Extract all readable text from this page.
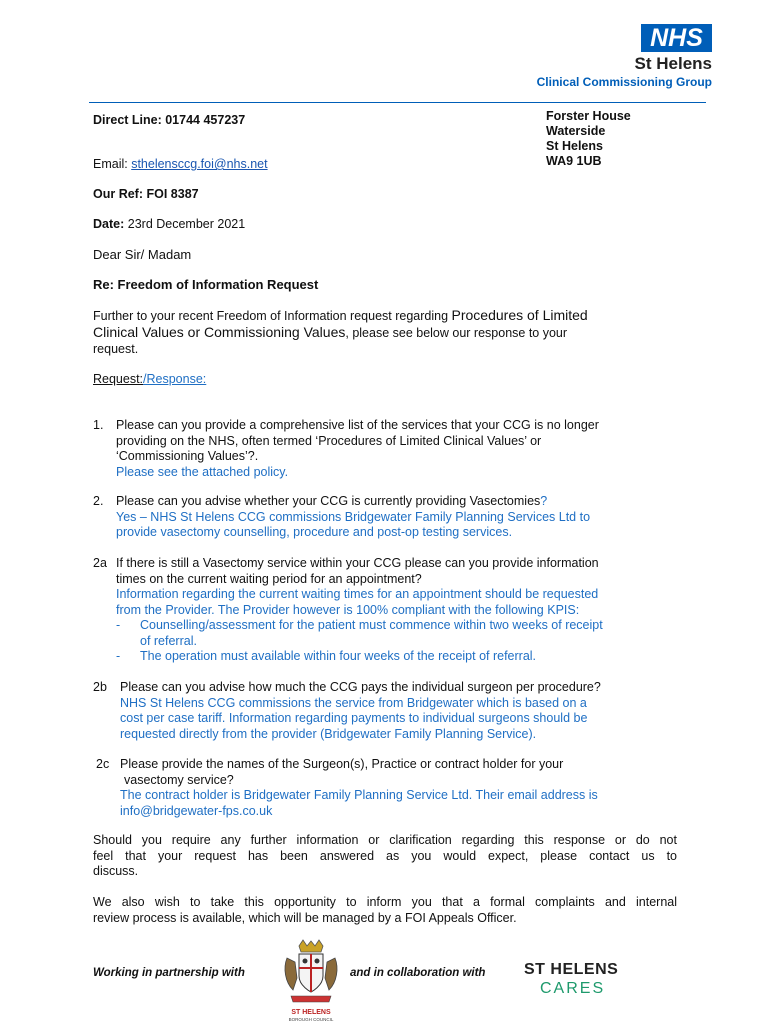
NHS
St Helens
Clinical Commissioning Group
Forster House
Waterside
St Helens
WA9 1UB
Direct Line: 01744 457237
Email: sthelensccg.foi@nhs.net
Our Ref: FOI 8387
Date: 23rd December 2021
Dear Sir/ Madam
Re: Freedom of Information Request
Further to your recent Freedom of Information request regarding Procedures of Limited
Clinical Values or Commissioning Values, please see below our response to your
request.
Request:/Response:
1. Please can you provide a comprehensive list of the services that your CCG is no longer
providing on the NHS, often termed ‘Procedures of Limited Clinical Values’ or
‘Commissioning Values’?.
Please see the attached policy.
2. Please can you advise whether your CCG is currently providing Vasectomies?
Yes – NHS St Helens CCG commissions Bridgewater Family Planning Services Ltd to
provide vasectomy counselling, procedure and post-op testing services.
2a If there is still a Vasectomy service within your CCG please can you provide information
times on the current waiting period for an appointment?
Information regarding the current waiting times for an appointment should be requested
from the Provider. The Provider however is 100% compliant with the following KPIS:
- Counselling/assessment for the patient must commence within two weeks of receipt
of referral.
- The operation must available within four weeks of the receipt of referral.
2b Please can you advise how much the CCG pays the individual surgeon per procedure?
NHS St Helens CCG commissions the service from Bridgewater which is based on a
cost per case tariff. Information regarding payments to individual surgeons should be
requested directly from the provider (Bridgewater Family Planning Service).
2c Please provide the names of the Surgeon(s), Practice or contract holder for your
vasectomy service?
The contract holder is Bridgewater Family Planning Service Ltd. Their email address is
info@bridgewater-fps.co.uk
Should you require any further information or clarification regarding this response or do not
feel that your request has been answered as you would expect, please contact us to
discuss.
We also wish to take this opportunity to inform you that a formal complaints and internal
review process is available, which will be managed by a FOI Appeals Officer.
Working in partnership with
ST HELENS
BOROUGH COUNCIL
and in collaboration with ST HELENS
CARES
